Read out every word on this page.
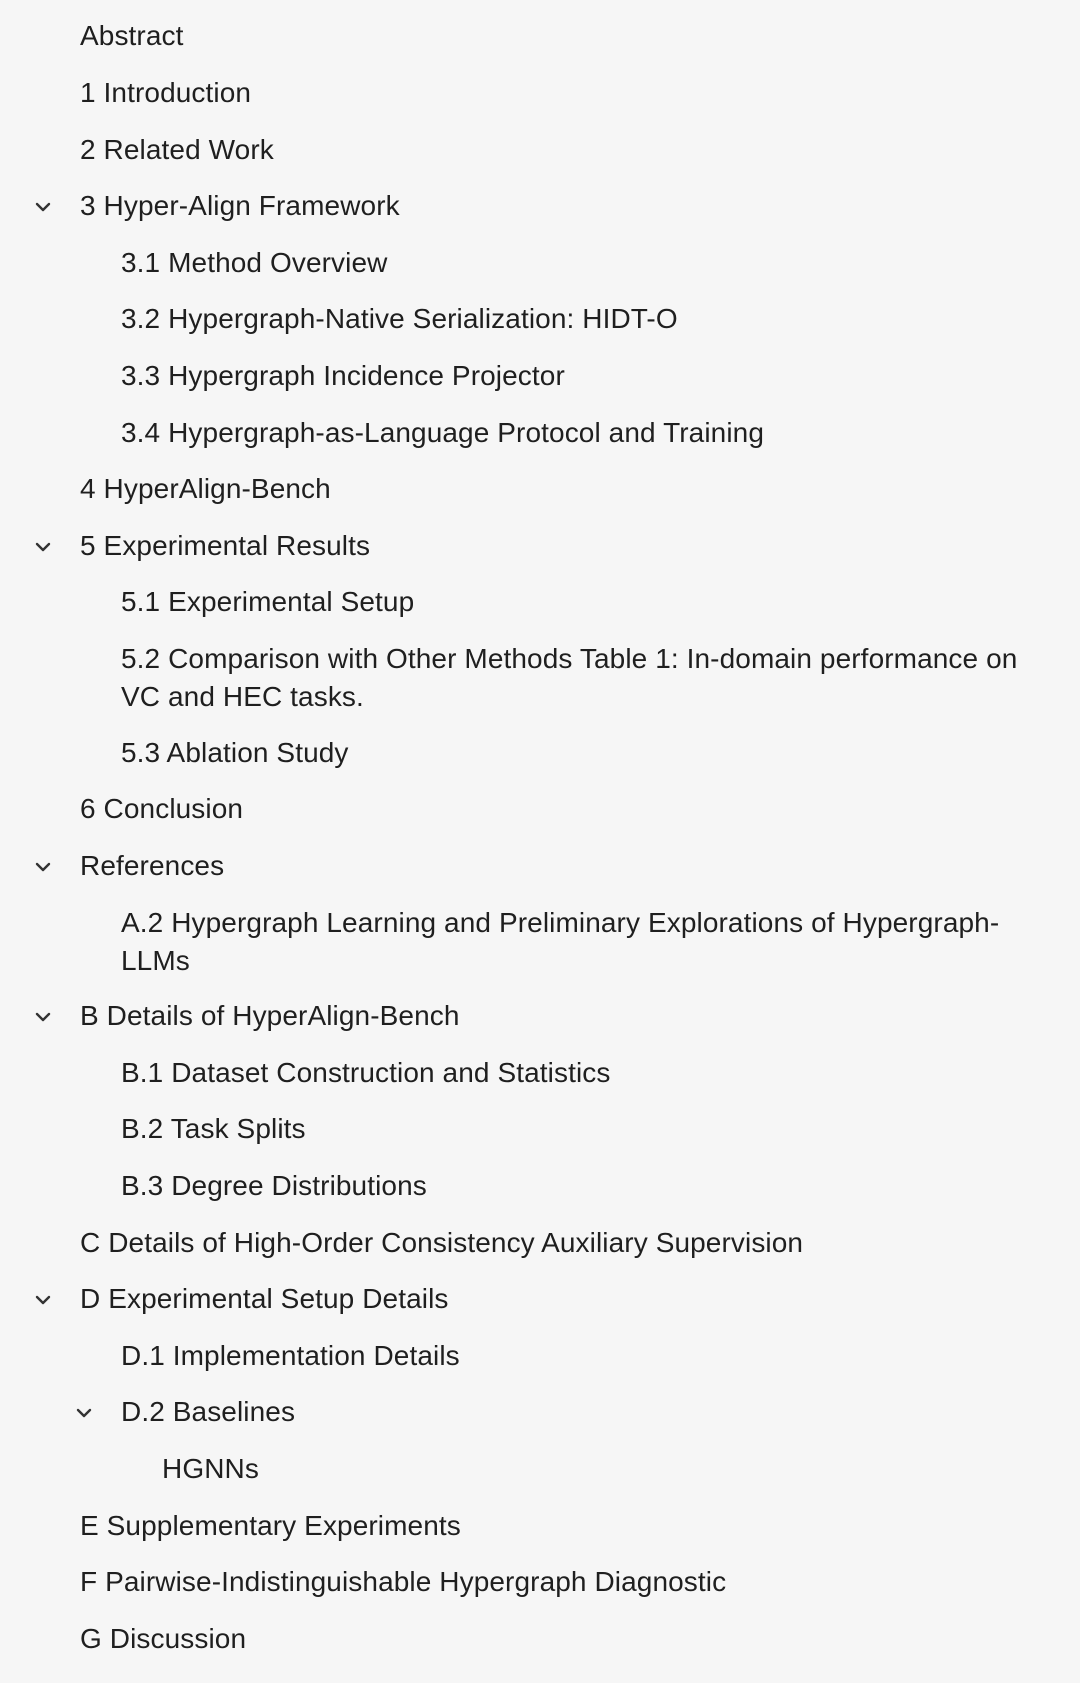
Abstract
1 Introduction
2 Related Work
3 Hyper-Align Framework
3.1 Method Overview
3.2 Hypergraph-Native Serialization: HIDT-O
3.3 Hypergraph Incidence Projector
3.4 Hypergraph-as-Language Protocol and Training
4 HyperAlign-Bench
5 Experimental Results
5.1 Experimental Setup
5.2 Comparison with Other Methods Table 1: In-domain performance on VC and HEC tasks.
5.3 Ablation Study
6 Conclusion
References
A.2 Hypergraph Learning and Preliminary Explorations of Hypergraph-LLMs
B Details of HyperAlign-Bench
B.1 Dataset Construction and Statistics
B.2 Task Splits
B.3 Degree Distributions
C Details of High-Order Consistency Auxiliary Supervision
D Experimental Setup Details
D.1 Implementation Details
D.2 Baselines
HGNNs
E Supplementary Experiments
F Pairwise-Indistinguishable Hypergraph Diagnostic
G Discussion
